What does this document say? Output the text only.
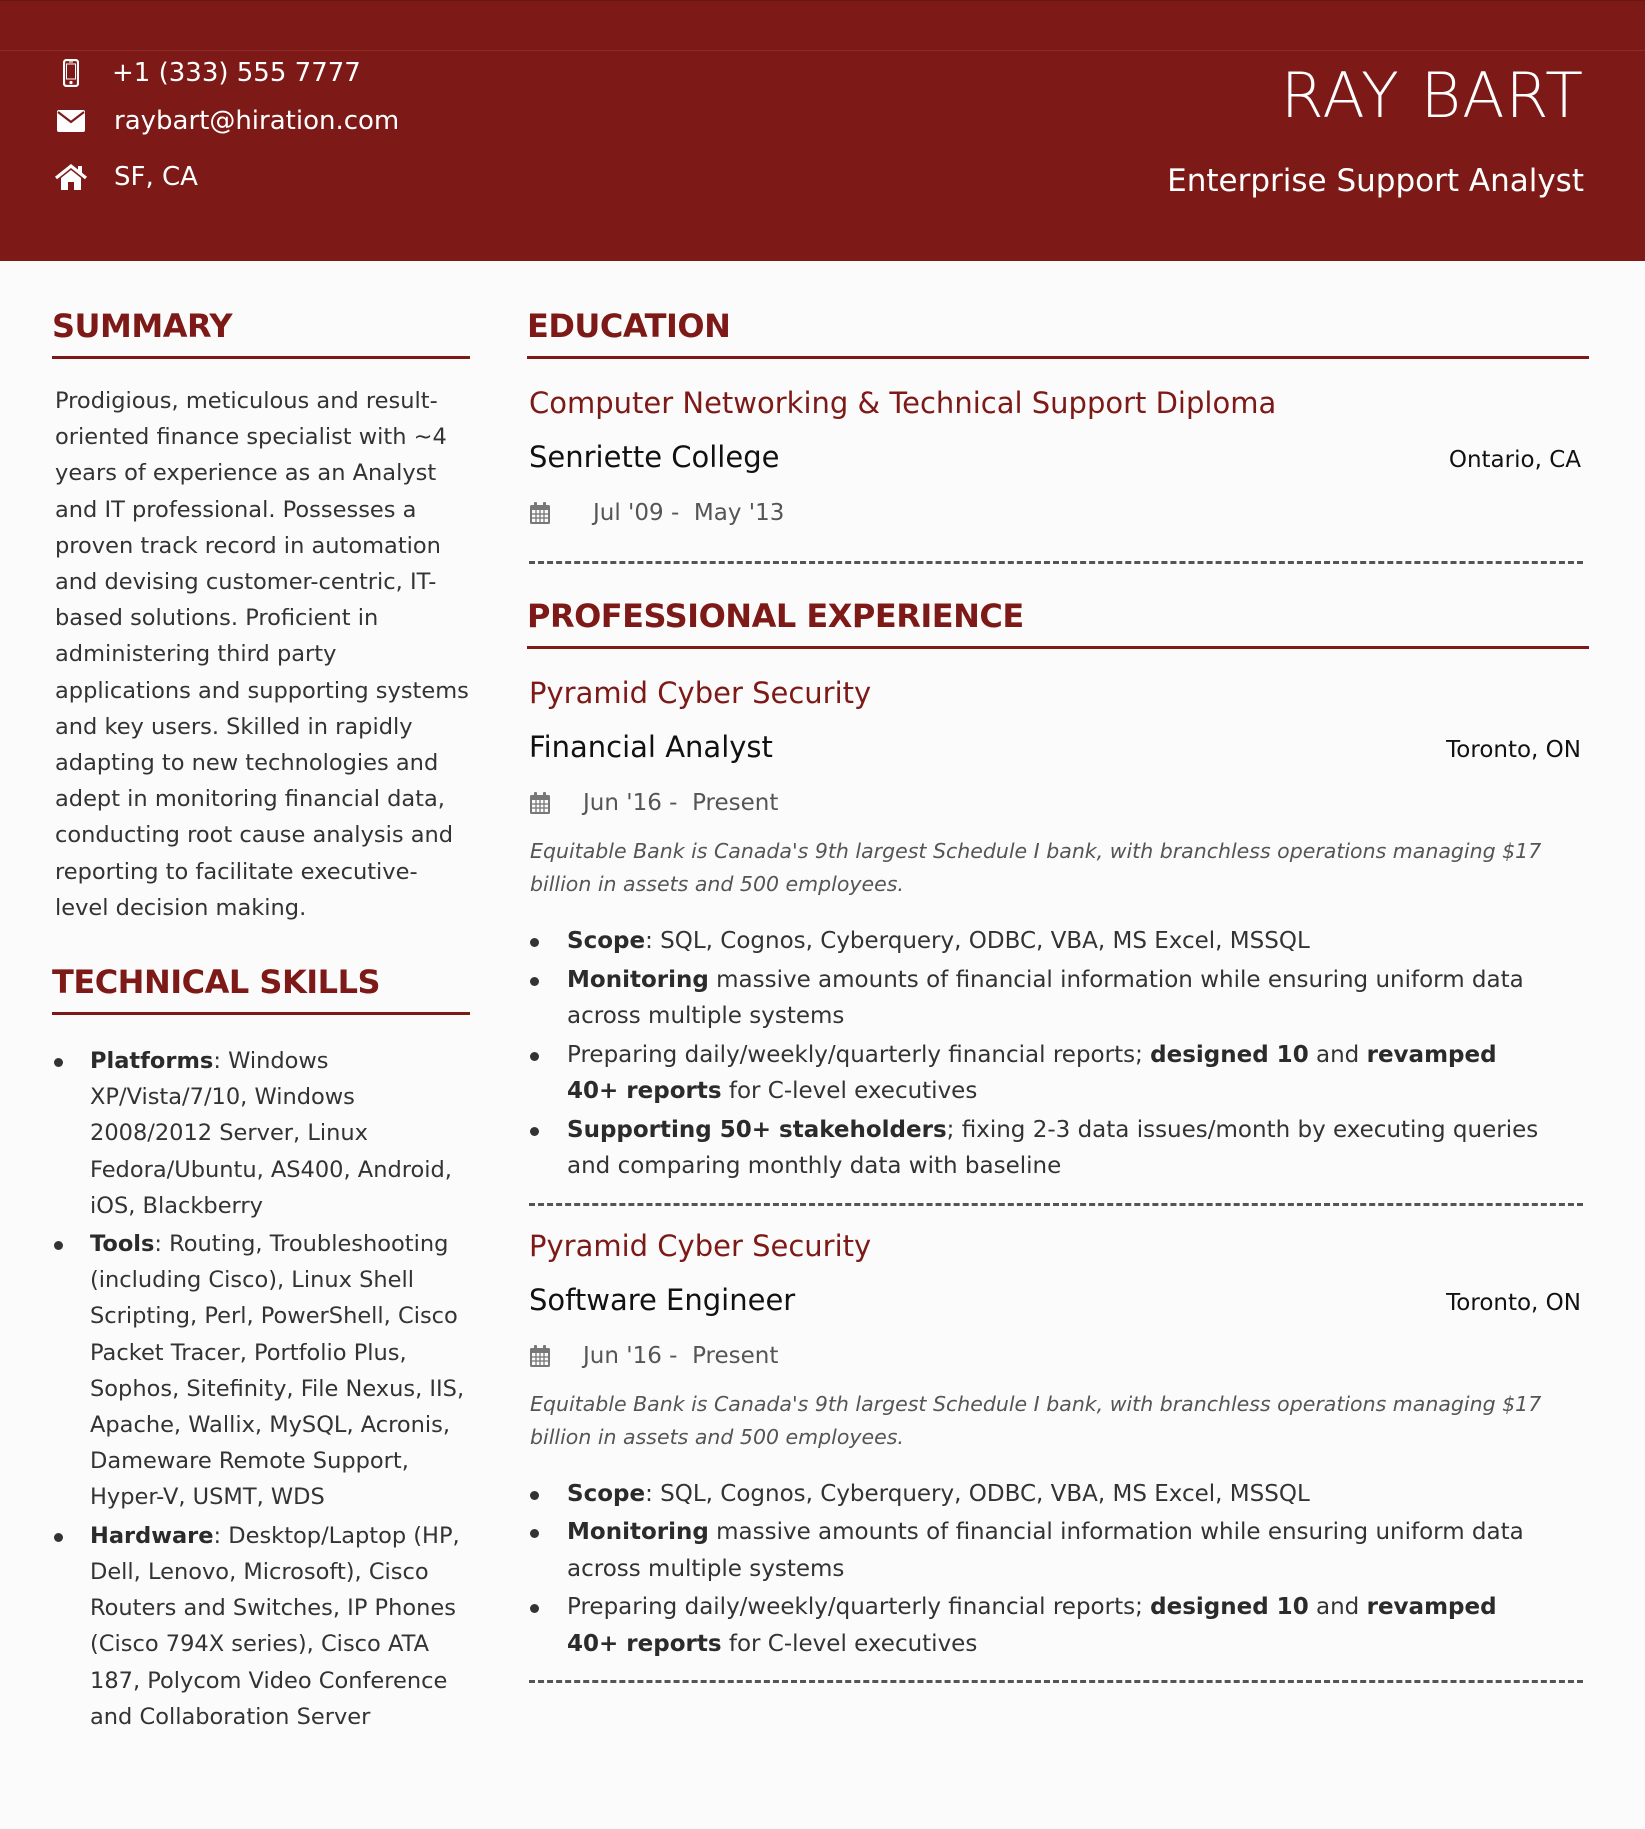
+1 (333) 555 7777
raybart@hiration.com
SF, CA
RAY BART
Enterprise Support Analyst
SUMMARY

Prodigious, meticulous and result-oriented finance specialist with ~4 years of experience as an Analyst and IT professional. Possesses a proven track record in automation and devising customer-centric, IT-based solutions. Proficient in administering third party applications and supporting systems and key users. Skilled in rapidly adapting to new technologies and adept in monitoring financial data, conducting root cause analysis and reporting to facilitate executive-level decision making.

TECHNICAL SKILLS
Platforms: Windows XP/Vista/7/10, Windows 2008/2012 Server, Linux Fedora/Ubuntu, AS400, Android, iOS, Blackberry
Tools: Routing, Troubleshooting (including Cisco), Linux Shell Scripting, Perl, PowerShell, Cisco Packet Tracer, Portfolio Plus, Sophos, Sitefinity, File Nexus, IIS, Apache, Wallix, MySQL, Acronis, Dameware Remote Support, Hyper-V, USMT, WDS
Hardware: Desktop/Laptop (HP, Dell, Lenovo, Microsoft), Cisco Routers and Switches, IP Phones (Cisco 794X series), Cisco ATA 187, Polycom Video Conference and Collaboration Server
EDUCATION
Computer Networking & Technical Support Diploma
Senriette College	Ontario, CA
Jul '09 - May '13
PROFESSIONAL EXPERIENCE
Pyramid Cyber Security
Financial Analyst	Toronto, ON
Jun '16 - Present

Equitable Bank is Canada's 9th largest Schedule I bank, with branchless operations managing $17 billion in assets and 500 employees.

Scope: SQL, Cognos, Cyberquery, ODBC, VBA, MS Excel, MSSQL
Monitoring massive amounts of financial information while ensuring uniform data across multiple systems
Preparing daily/weekly/quarterly financial reports; designed 10 and revamped 40+ reports for C-level executives
Supporting 50+ stakeholders; fixing 2-3 data issues/month by executing queries and comparing monthly data with baseline
Pyramid Cyber Security
Software Engineer	Toronto, ON
Jun '16 - Present

Equitable Bank is Canada's 9th largest Schedule I bank, with branchless operations managing $17 billion in assets and 500 employees.

Scope: SQL, Cognos, Cyberquery, ODBC, VBA, MS Excel, MSSQL
Monitoring massive amounts of financial information while ensuring uniform data across multiple systems
Preparing daily/weekly/quarterly financial reports; designed 10 and revamped 40+ reports for C-level executives
